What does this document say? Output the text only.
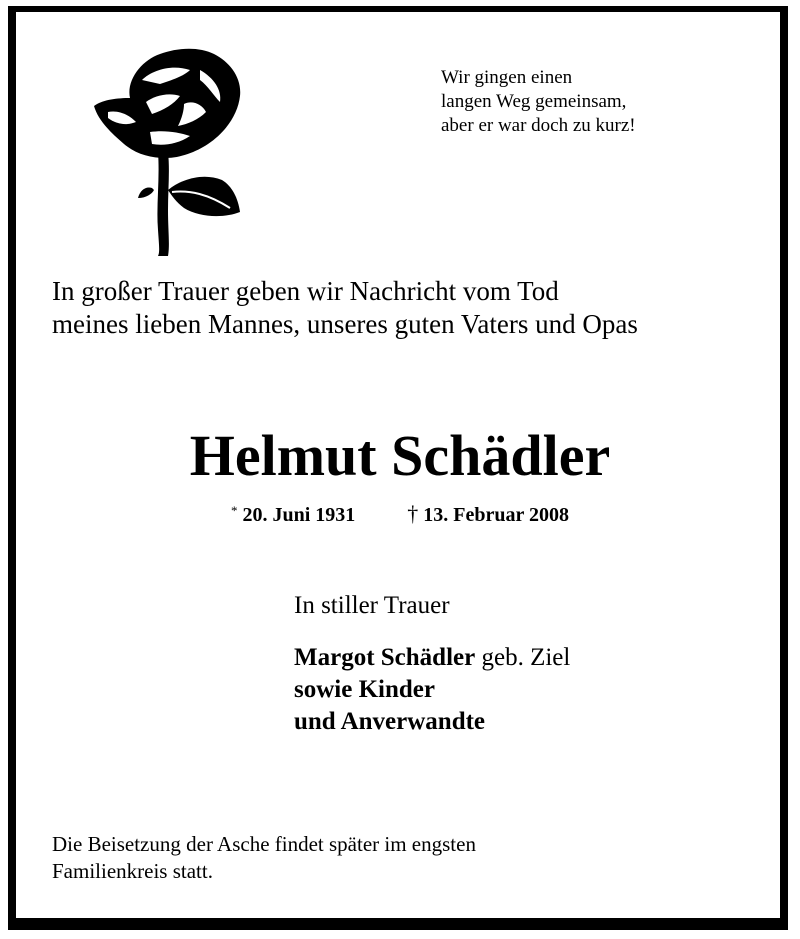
Wir gingen einen
langen Weg gemeinsam,
aber er war doch zu kurz!
In großer Trauer geben wir Nachricht vom Tod
meines lieben Mannes, unseres guten Vaters und Opas
Helmut Schädler
* 20. Juni 1931 † 13. Februar 2008
In stiller Trauer
Margot Schädler geb. Ziel
sowie Kinder
und Anverwandte
Die Beisetzung der Asche findet später im engsten
Familienkreis statt.
